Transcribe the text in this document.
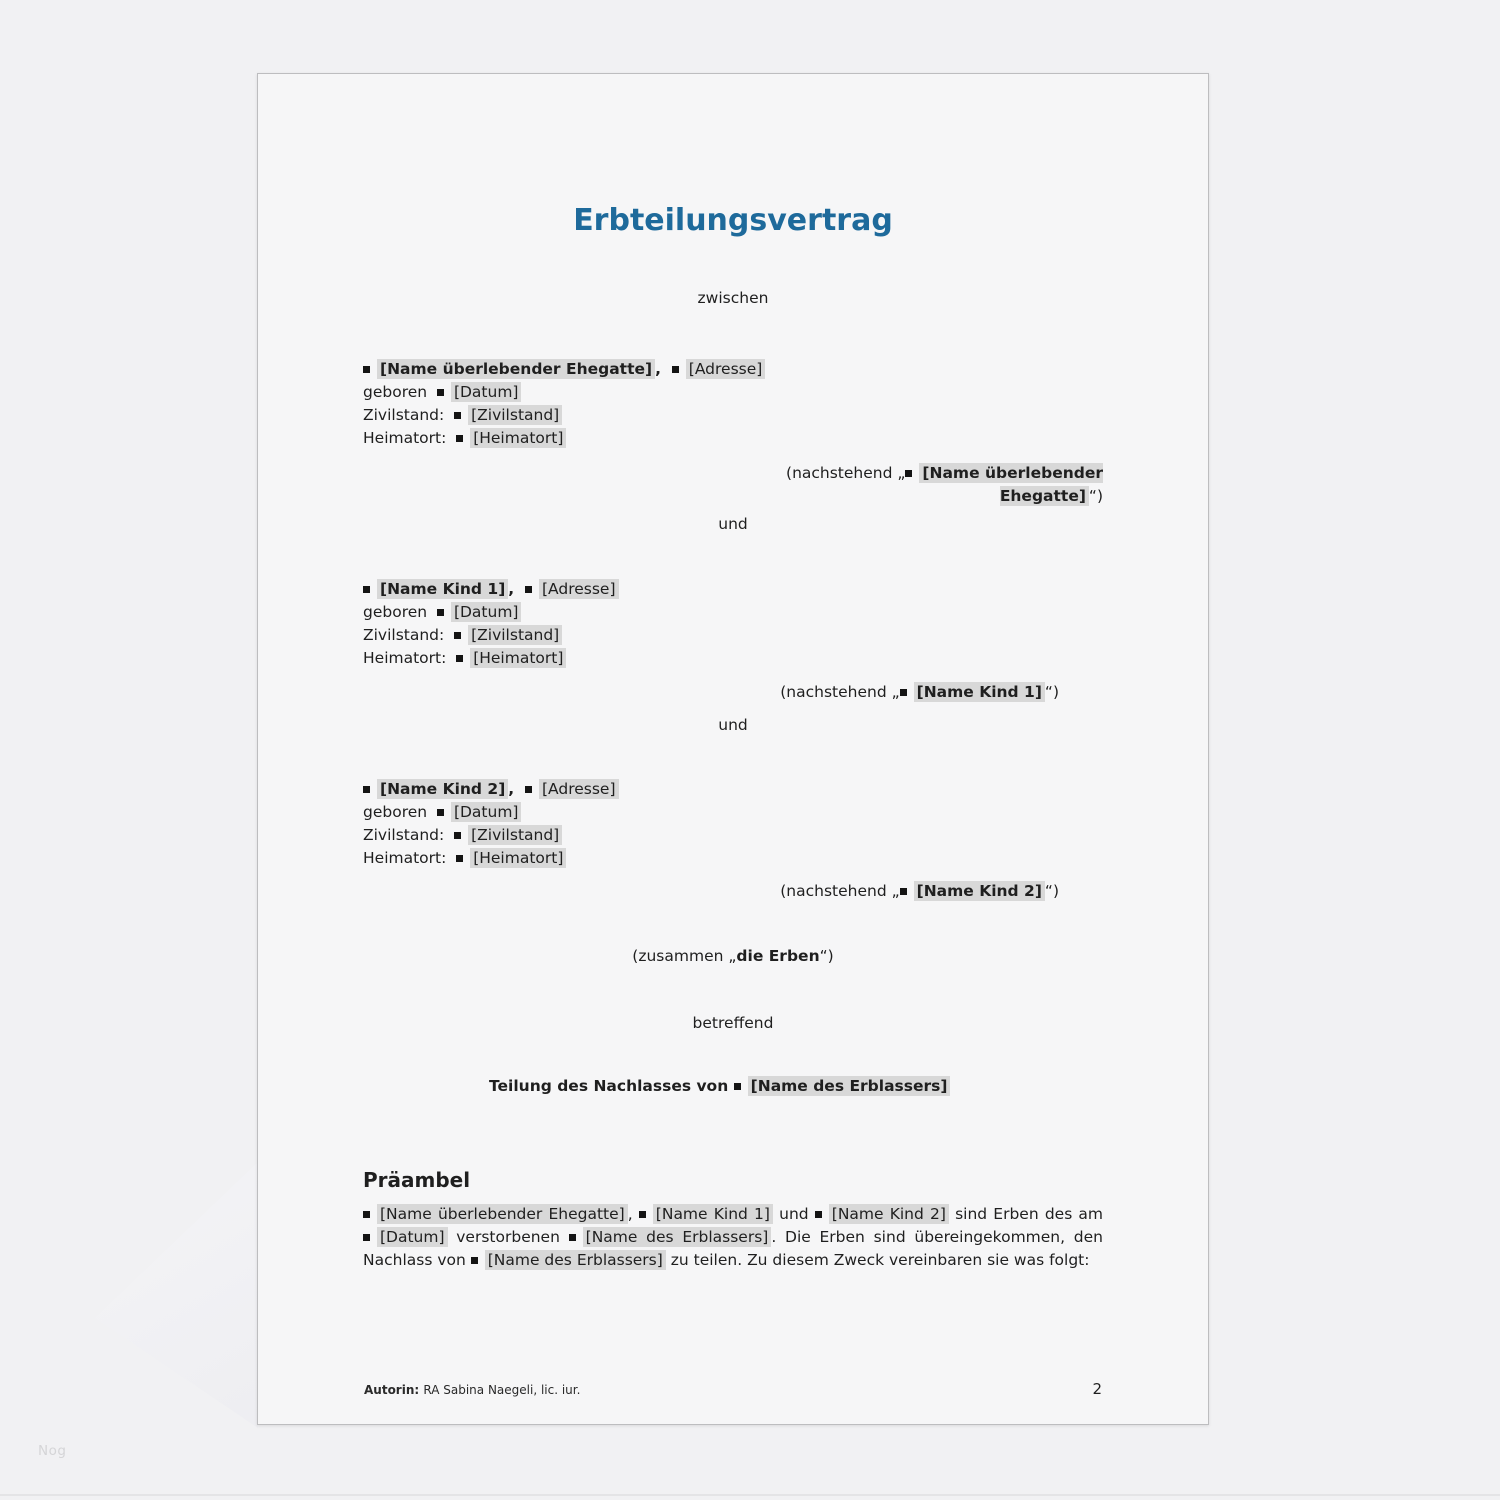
Erbteilungsvertrag
zwischen
[Name überlebender Ehegatte] ,  [Adresse]
geboren  [Datum]
Zivilstand:  [Zivilstand]
Heimatort:  [Heimatort]
(nachstehend „ [Name überlebender Ehegatte] “)
und
[Name Kind 1] ,  [Adresse]
geboren  [Datum]
Zivilstand:  [Zivilstand]
Heimatort:  [Heimatort]
(nachstehend „ [Name Kind 1] “)
und
[Name Kind 2] ,  [Adresse]
geboren  [Datum]
Zivilstand:  [Zivilstand]
Heimatort:  [Heimatort]
(nachstehend „ [Name Kind 2] “)
(zusammen „die Erben“)
betreffend
Teilung des Nachlasses von [Name des Erblassers]
Präambel
[Name überlebender Ehegatte] , [Name Kind 1] und [Name Kind 2] sind Erben des am [Datum] verstorbenen [Name des Erblassers] . Die Erben sind übereingekommen, den Nachlass von [Name des Erblassers] zu teilen. Zu diesem Zweck vereinbaren sie was folgt:
Autorin: RA Sabina Naegeli, lic. iur.	2
Nog
